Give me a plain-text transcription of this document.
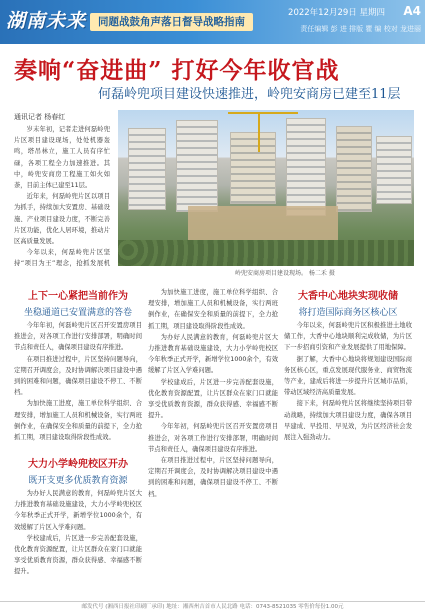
湖南未来	同题战鼓角声落日督导战略指南
2022年12月29日 星期四 A4
责任编辑 彭 进 排版 瞿 编 校对 龙进丽
奏响“奋进曲” 打好今年收官战
何磊岭兜项目建设快速推进，岭兜安商房已建至11层
通讯记者 杨春红

岁末年初，记者走进何磊岭兜片区项目建设现场，处处机器轰鸣，塔吊林立，施工人员有序忙碌，各项工程全力加速推进。其中，岭兜安商房工程施工如火如荼，目前主体已建至11层。

近年来，何磊岭兜片区以项目为抓手，持续加大安置房、基础设施、产业项目建设力度，不断完善片区功能，优化人居环境，推动片区高质量发展。

今年以来，何磊岭兜片区坚持“项目为王”理念，抢抓发展机

岭兜安商房项目建设现场。 杨二禾 摄
上下一心紧把当前作为
坐稳通道已安置满意的答卷

今年年初，何磊岭兜片区召开安置房项目推进会，对各项工作进行安排部署，明确时间节点和责任人，确保项目建设有序推进。

在项目推进过程中，片区坚持问题导向，定期召开调度会，及时协调解决项目建设中遇到的困难和问题，确保项目建设不停工、不断档。

为加快施工进度，施工单位科学组织、合理安排，增加施工人员和机械设备，实行两班倒作业，在确保安全和质量的前提下，全力抢抓工期，项目建设取得阶段性成效。

为加快施工进度，施工单位科学组织、合理安排，增加施工人员和机械设备，实行两班倒作业，在确保安全和质量的前提下，全力抢抓工期，项目建设取得阶段性成效。

为办好人民满意的教育，何磊岭兜片区大力推进教育基础设施建设，大力小学岭兜校区今年秋季正式开学，新增学位1000余个，有效缓解了片区入学难问题。

学校建成后，片区进一步完善配套设施，优化教育资源配置，让片区群众在家门口就能享受优质教育资源，群众获得感、幸福感不断提升。

今年年初，何磊岭兜片区召开安置房项目推进会，对各项工作进行安排部署，明确时间节点和责任人，确保项目建设有序推进。

在项目推进过程中，片区坚持问题导向，定期召开调度会，及时协调解决项目建设中遇到的困难和问题，确保项目建设不停工、不断档。

大力小学岭兜校区开办
既开支更多优质教育资源

为办好人民满意的教育，何磊岭兜片区大力推进教育基础设施建设，大力小学岭兜校区今年秋季正式开学，新增学位1000余个，有效缓解了片区入学难问题。

学校建成后，片区进一步完善配套设施，优化教育资源配置，让片区群众在家门口就能享受优质教育资源，群众获得感、幸福感不断提升。

大香中心地块实现收储
将打造国际商务区核心区

今年以来，何磊岭兜片区积极推进土地收储工作，大香中心地块顺利完成收储，为片区下一步招商引资和产业发展提供了用地保障。

据了解，大香中心地块将规划建设国际商务区核心区，重点发展现代服务业、商贸物流等产业，建成后将进一步提升片区城市品质，带动区域经济高质量发展。

接下来，何磊岭兜片区将继续坚持项目带动战略，持续加大项目建设力度，确保各项目早建成、早投用、早见效，为片区经济社会发展注入强劲动力。

邮发代号 (湘西日报社印刷厂承印) 地址：湘西州吉首市人民北路 电话：0743-8521035 零售价每份1.00元
